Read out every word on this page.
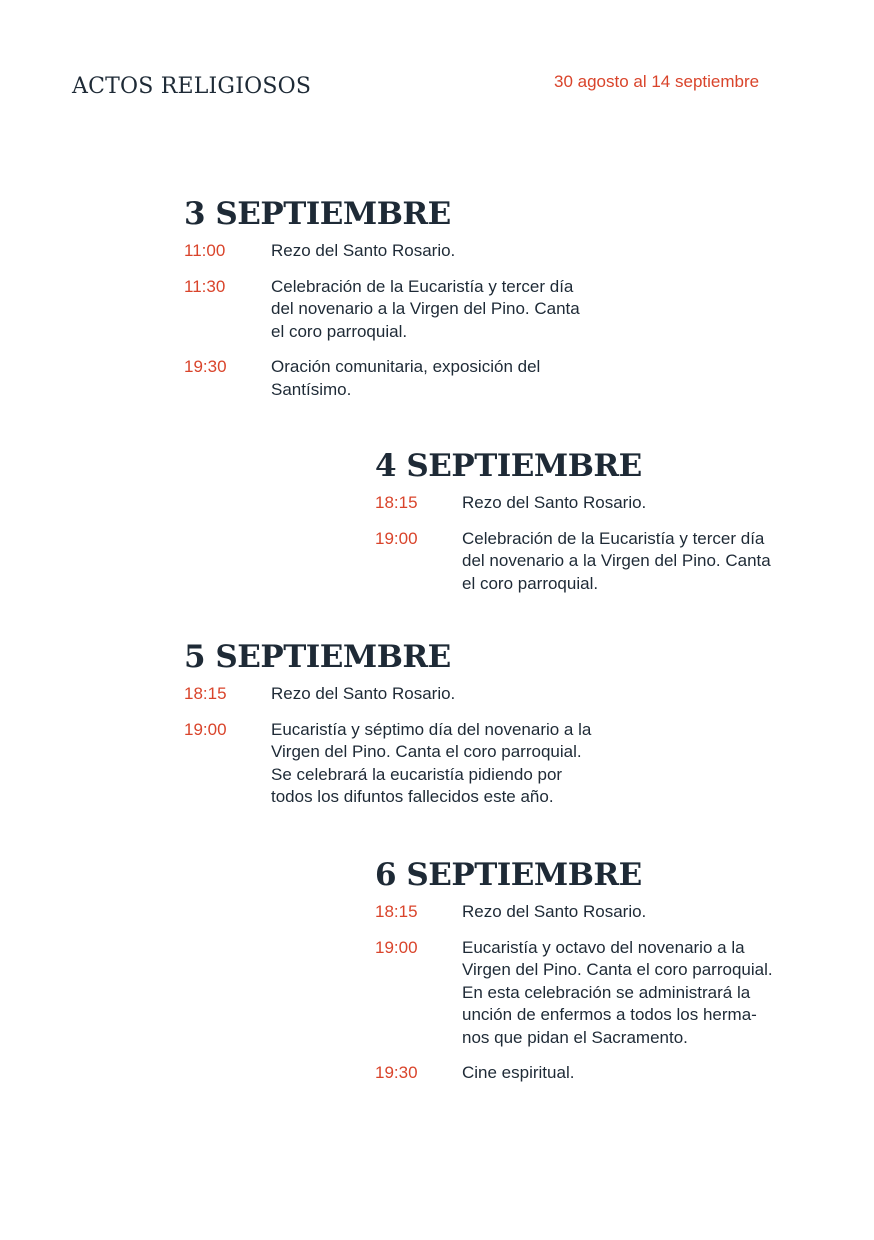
ACTOS RELIGIOSOS	30 agosto al 14 septiembre
3 SEPTIEMBRE
11:00	Rezo del Santo Rosario.
11:30	Celebración de la Eucaristía y tercer día
del novenario a la Virgen del Pino. Canta
el coro parroquial.
19:30	Oración comunitaria, exposición del
Santísimo.
4 SEPTIEMBRE
18:15	Rezo del Santo Rosario.
19:00	Celebración de la Eucaristía y tercer día
del novenario a la Virgen del Pino. Canta
el coro parroquial.
5 SEPTIEMBRE
18:15	Rezo del Santo Rosario.
19:00	Eucaristía y séptimo día del novenario a la
Virgen del Pino. Canta el coro parroquial.
Se celebrará la eucaristía pidiendo por
todos los difuntos fallecidos este año.
6 SEPTIEMBRE
18:15	Rezo del Santo Rosario.
19:00	Eucaristía y octavo del novenario a la
Virgen del Pino. Canta el coro parroquial.
En esta celebración se administrará la
unción de enfermos a todos los herma-
nos que pidan el Sacramento.
19:30	Cine espiritual.
